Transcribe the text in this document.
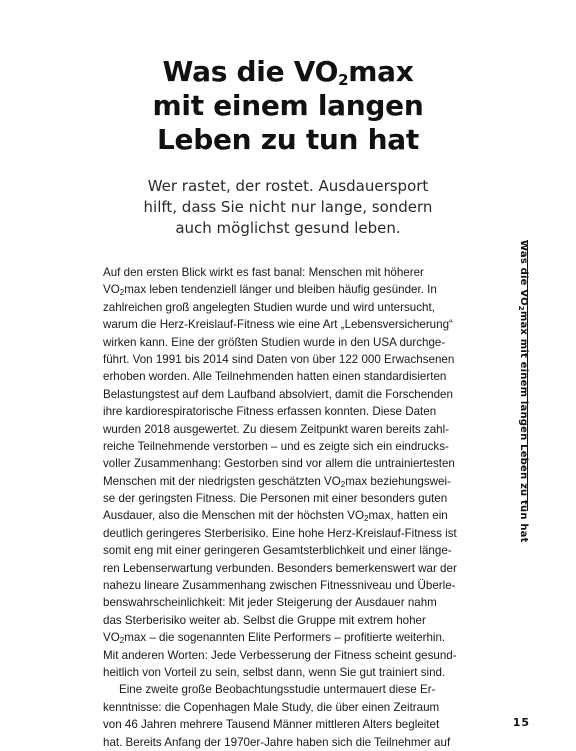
Was die $VO_2\max$
mit einem langen
Leben zu tun hat

Wer rastet, der rostet. Ausdauersport
hilft, dass Sie nicht nur lange, sondern
auch möglichst gesund leben.

Auf den ersten Blick wirkt es fast banal: Menschen mit höherer
$VO_2\max$ leben tendenziell länger und bleiben häufig gesünder. In
zahlreichen groß angelegten Studien wurde und wird untersucht,
warum die Herz-Kreislauf-Fitness wie eine Art „Lebensversicherung“
wirken kann. Eine der größten Studien wurde in den USA durchge-
führt. Von 1991 bis 2014 sind Daten von über 122 000 Erwachsenen
erhoben worden. Alle Teilnehmenden hatten einen standardisierten
Belastungstest auf dem Laufband absolviert, damit die Forschenden
ihre kardiorespiratorische Fitness erfassen konnten. Diese Daten
wurden 2018 ausgewertet. Zu diesem Zeitpunkt waren bereits zahl-
reiche Teilnehmende verstorben – und es zeigte sich ein eindrucks-
voller Zusammenhang: Gestorben sind vor allem die untrainiertesten
Menschen mit der niedrigsten geschätzten $VO_2\max$ beziehungswei-
se der geringsten Fitness. Die Personen mit einer besonders guten
Ausdauer, also die Menschen mit der höchsten $VO_2\max$, hatten ein
deutlich geringeres Sterberisiko. Eine hohe Herz-Kreislauf-Fitness ist
somit eng mit einer geringeren Gesamtsterblichkeit und einer länge-
ren Lebenserwartung verbunden. Besonders bemerkenswert war der
nahezu lineare Zusammenhang zwischen Fitnessniveau und Überle-
benswahrscheinlichkeit: Mit jeder Steigerung der Ausdauer nahm
das Sterberisiko weiter ab. Selbst die Gruppe mit extrem hoher
$VO_2\max$ – die sogenannten Elite Performers – profitierte weiterhin.
Mit anderen Worten: Jede Verbesserung der Fitness scheint gesund-
heitlich von Vorteil zu sein, selbst dann, wenn Sie gut trainiert sind.
Eine zweite große Beobachtungsstudie untermauert diese Er-
kenntnisse: die Copenhagen Male Study, die über einen Zeitraum
von 46 Jahren mehrere Tausend Männer mittleren Alters begleitet
hat. Bereits Anfang der 1970er-Jahre haben sich die Teilnehmer auf
Was die $VO_2\max$ mit einem langen Leben zu tun hat
15
